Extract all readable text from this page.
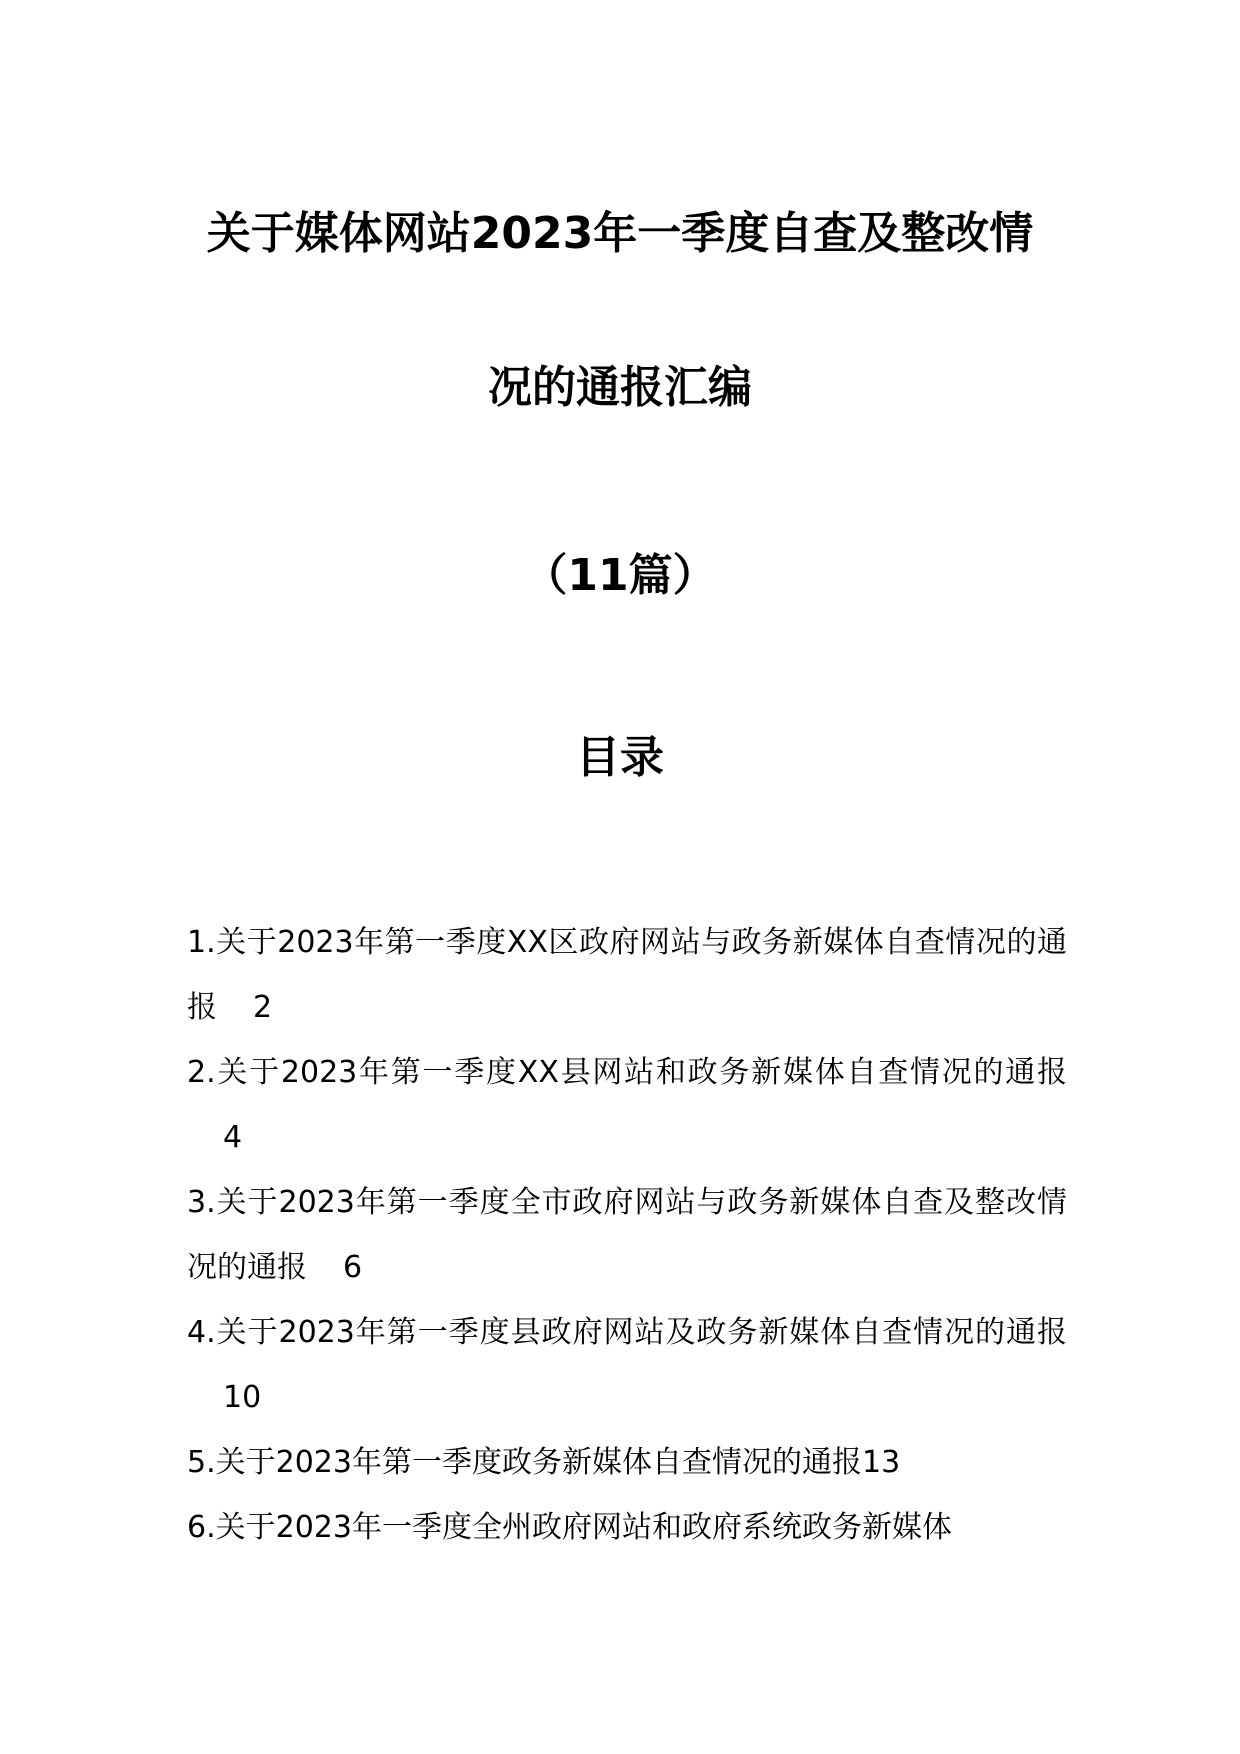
关于媒体网站2023年一季度自查及整改情
况的通报汇编
（11篇）
目录
1.关于2023年第一季度XX区政府网站与政务新媒体自查情况的通报 2
2.关于2023年第一季度XX县网站和政务新媒体自查情况的通报4
3.关于2023年第一季度全市政府网站与政务新媒体自查及整改情况的通报 6
4.关于2023年第一季度县政府网站及政务新媒体自查情况的通报10
5.关于2023年第一季度政务新媒体自查情况的通报13
6.关于2023年一季度全州政府网站和政府系统政务新媒体
